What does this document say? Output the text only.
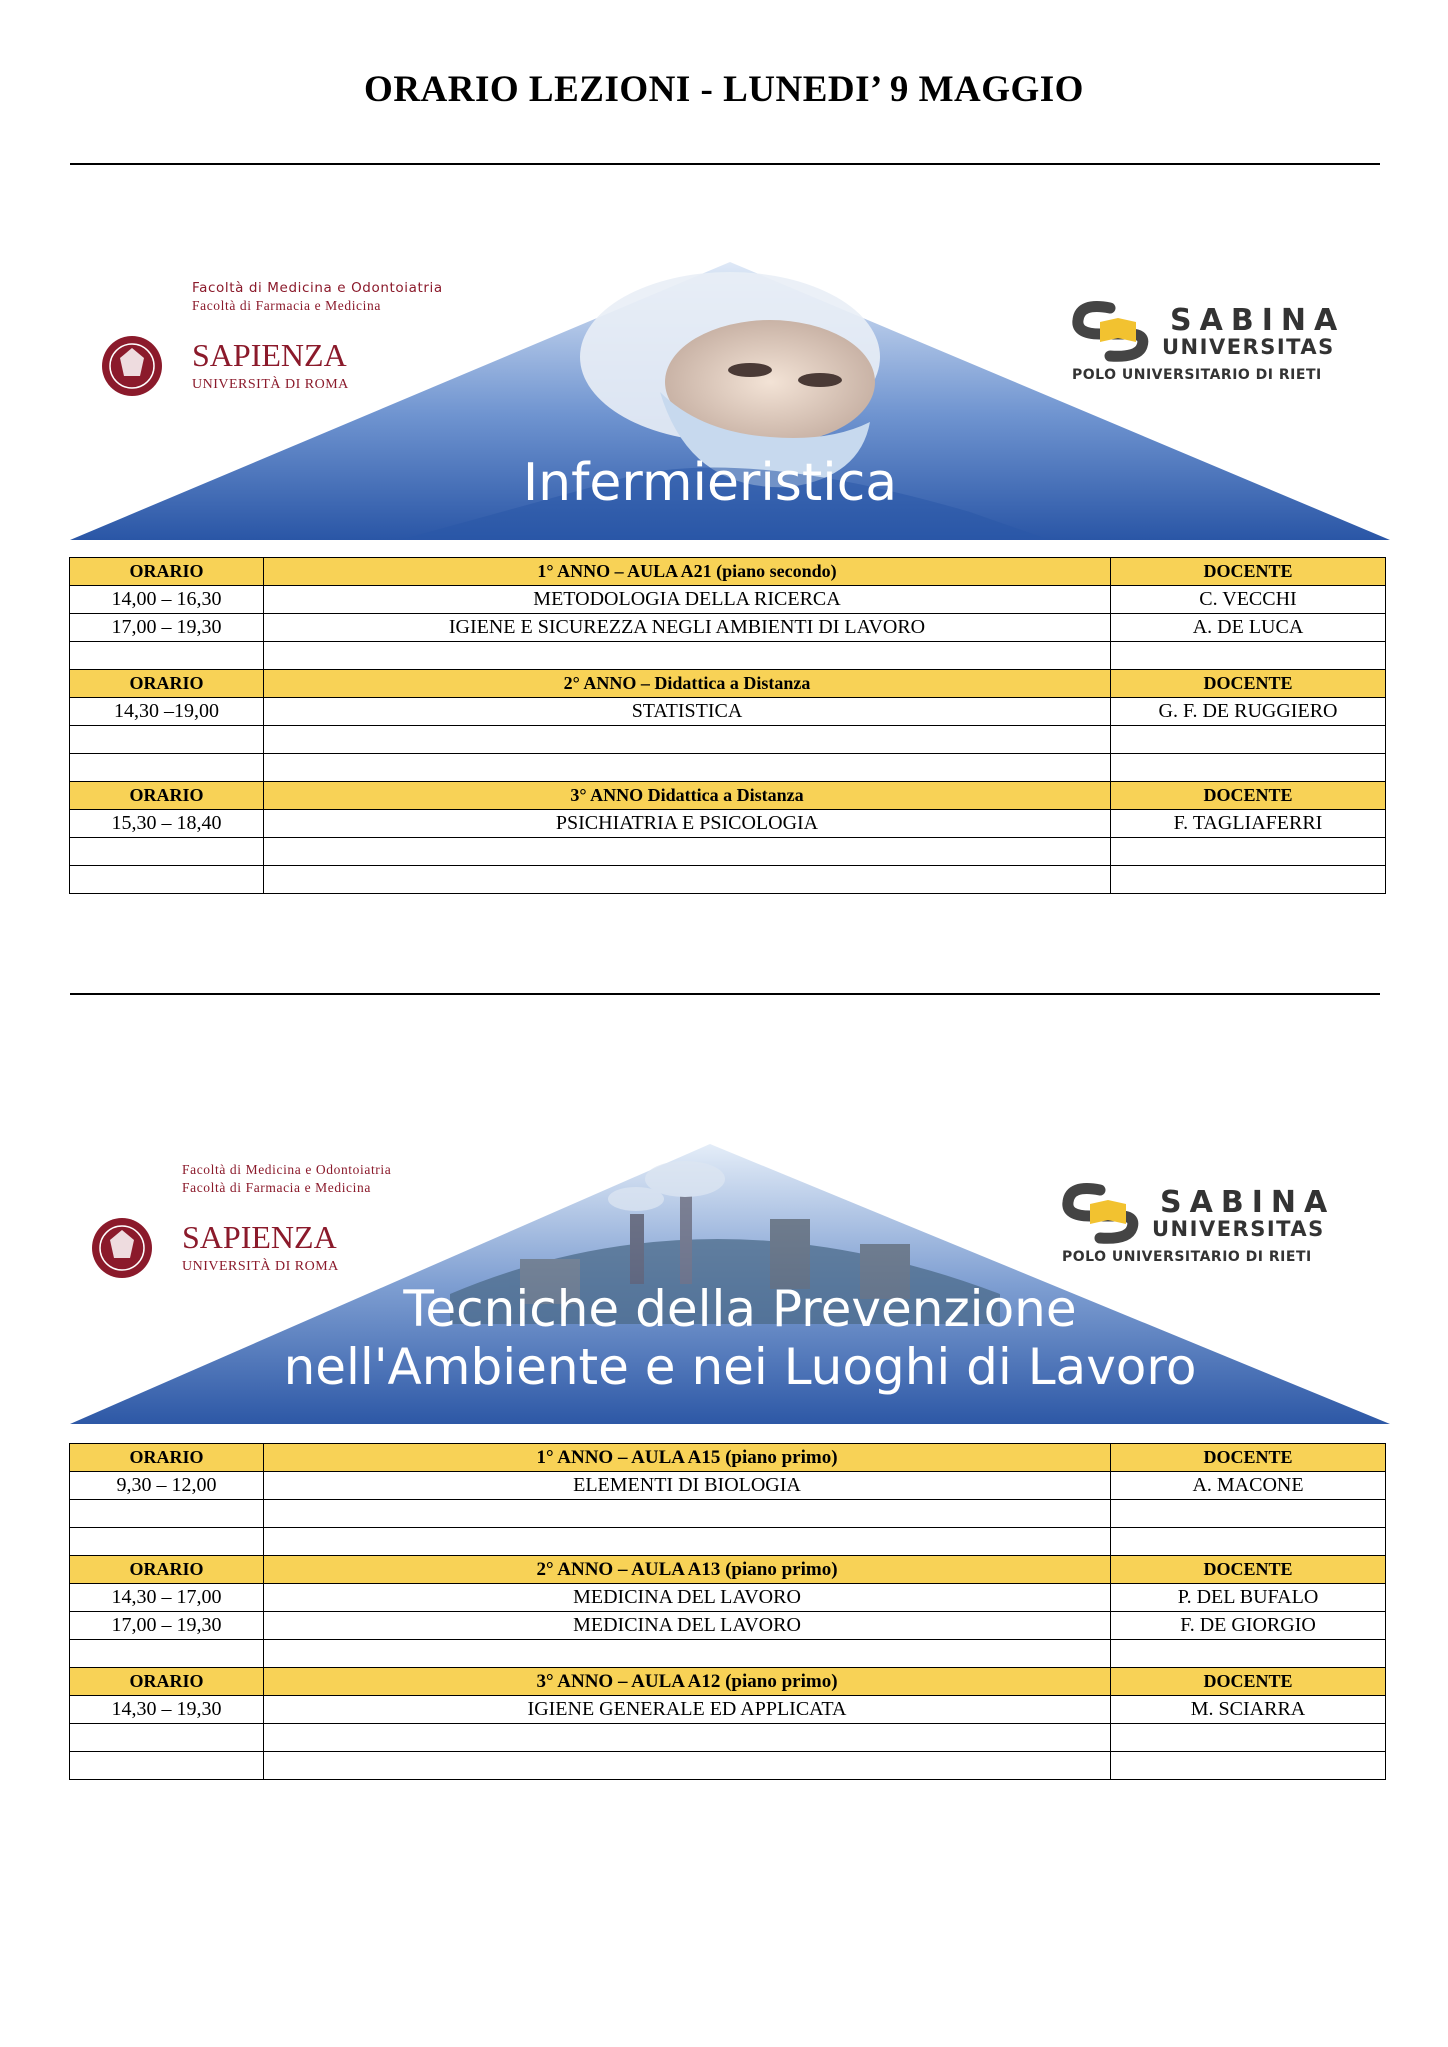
ORARIO LEZIONI - LUNEDI’ 9 MAGGIO
Facoltà di Medicina e Odontoiatria
Facoltà di Farmacia e Medicina
SAPIENZA
UNIVERSITÀ DI ROMA
SABINA
UNIVERSITAS
POLO UNIVERSITARIO DI RIETI
Infermieristica
ORARIO	1° ANNO – AULA A21 (piano secondo)	DOCENTE
14,00 – 16,30	METODOLOGIA DELLA RICERCA	C. VECCHI
17,00 – 19,30	IGIENE E SICUREZZA NEGLI AMBIENTI DI LAVORO	A. DE LUCA

ORARIO	2° ANNO – Didattica a Distanza	DOCENTE
14,30 –19,00	STATISTICA	G. F. DE RUGGIERO

ORARIO	3° ANNO Didattica a Distanza	DOCENTE
15,30 – 18,40	PSICHIATRIA E PSICOLOGIA	F. TAGLIAFERRI

Facoltà di Medicina e Odontoiatria
Facoltà di Farmacia e Medicina
SAPIENZA
UNIVERSITÀ DI ROMA
SABINA
UNIVERSITAS
POLO UNIVERSITARIO DI RIETI
Tecniche della Prevenzione
nell'Ambiente e nei Luoghi di Lavoro
ORARIO	1° ANNO – AULA A15 (piano primo)	DOCENTE
9,30 – 12,00	ELEMENTI DI BIOLOGIA	A. MACONE

ORARIO	2° ANNO – AULA A13 (piano primo)	DOCENTE
14,30 – 17,00	MEDICINA DEL LAVORO	P. DEL BUFALO
17,00 – 19,30	MEDICINA DEL LAVORO	F. DE GIORGIO

ORARIO	3° ANNO – AULA A12 (piano primo)	DOCENTE
14,30 – 19,30	IGIENE GENERALE ED APPLICATA	M. SCIARRA
